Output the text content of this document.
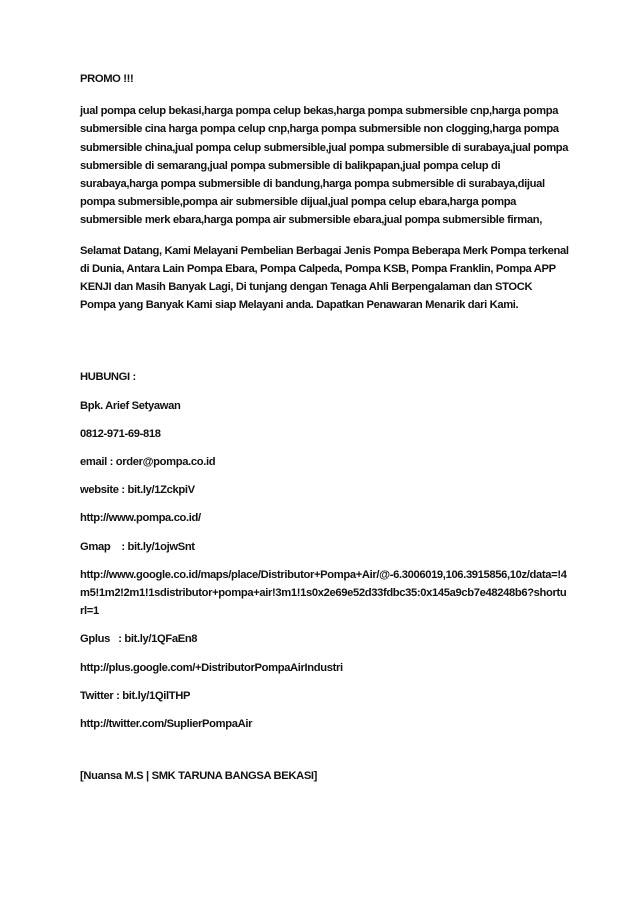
PROMO !!!

jual pompa celup bekasi,harga pompa celup bekas,harga pompa submersible cnp,harga pompa submersible cina harga pompa celup cnp,harga pompa submersible non clogging,harga pompa submersible china,jual pompa celup submersible,jual pompa submersible di surabaya,jual pompa submersible di semarang,jual pompa submersible di balikpapan,jual pompa celup di surabaya,harga pompa submersible di bandung,harga pompa submersible di surabaya,dijual pompa submersible,pompa air submersible dijual,jual pompa celup ebara,harga pompa submersible merk ebara,harga pompa air submersible ebara,jual pompa submersible firman,

Selamat Datang, Kami Melayani Pembelian Berbagai Jenis Pompa Beberapa Merk Pompa terkenal di Dunia, Antara Lain Pompa Ebara, Pompa Calpeda, Pompa KSB, Pompa Franklin, Pompa APP KENJI dan Masih Banyak Lagi, Di tunjang dengan Tenaga Ahli Berpengalaman dan STOCK Pompa yang Banyak Kami siap Melayani anda. Dapatkan Penawaran Menarik dari Kami.

HUBUNGI :

Bpk. Arief Setyawan

0812-971-69-818

email : order@pompa.co.id

website : bit.ly/1ZckpiV

http://www.pompa.co.id/

Gmap    : bit.ly/1ojwSnt

http://www.google.co.id/maps/place/Distributor+Pompa+Air/@-6.3006019,106.3915856,10z/data=!4m5!1m2!2m1!1sdistributor+pompa+air!3m1!1s0x2e69e52d33fdbc35:0x145a9cb7e48248b6?shorturl=1

Gplus   : bit.ly/1QFaEn8

http://plus.google.com/+DistributorPompaAirIndustri

Twitter : bit.ly/1QilTHP

http://twitter.com/SuplierPompaAir

[Nuansa M.S | SMK TARUNA BANGSA BEKASI]
